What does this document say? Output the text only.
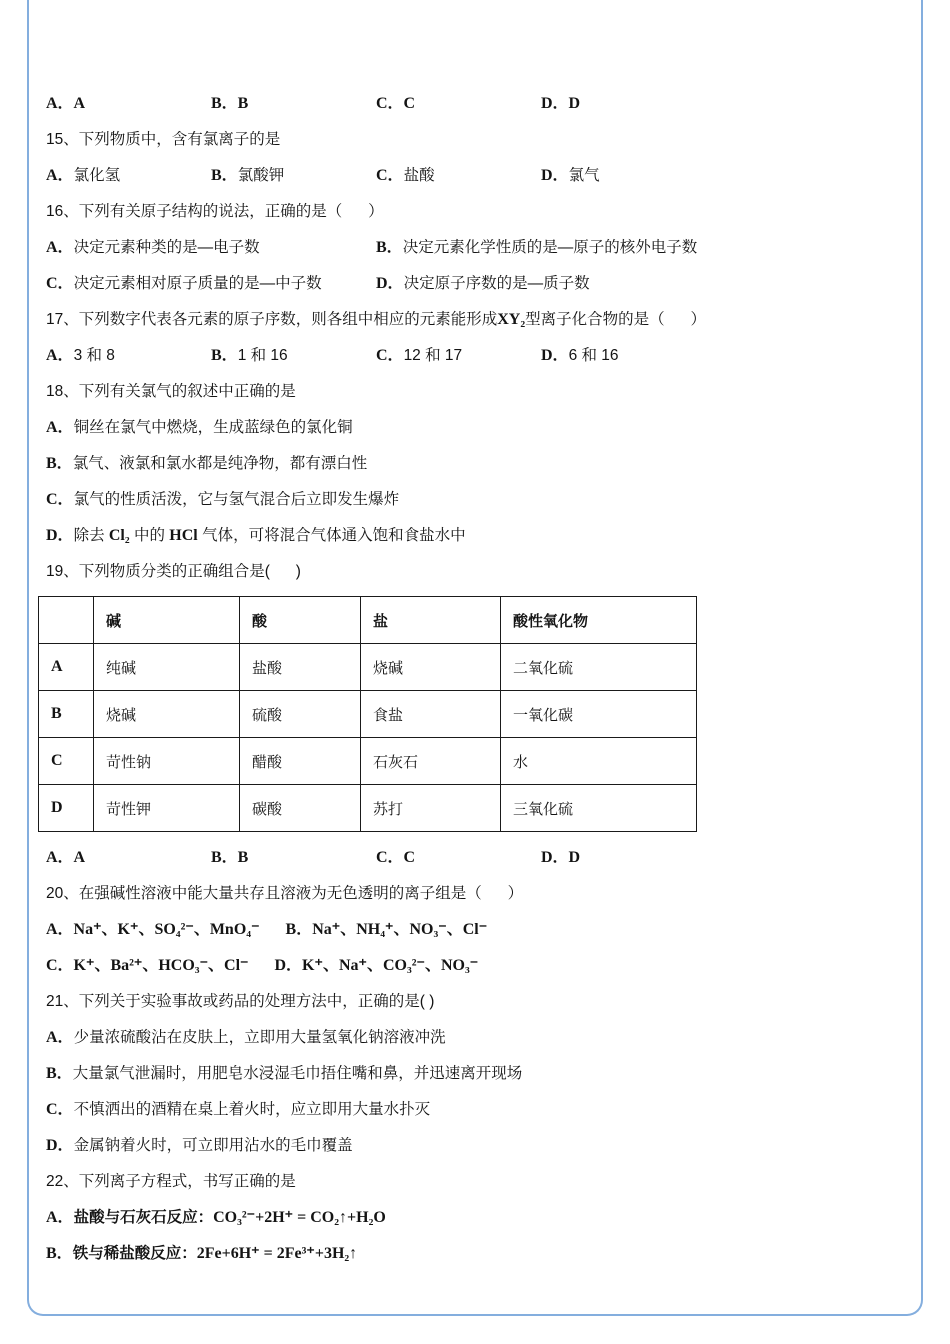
A．A	B．B	C．C	D．D
15、下列物质中，含有氯离子的是
A．氯化氢	B．氯酸钾	C．盐酸	D．氯气
16、下列有关原子结构的说法，正确的是（      ）
A．决定元素种类的是—电子数	B．决定元素化学性质的是—原子的核外电子数
C．决定元素相对原子质量的是—中子数	D．决定原子序数的是—质子数
17、下列数字代表各元素的原子序数，则各组中相应的元素能形成 XY₂ 型离子化合物的是（      ）
A．3 和 8	B．1 和 16	C．12 和 17	D．6 和 16
18、下列有关氯气的叙述中正确的是
A． 铜丝在氯气中燃烧，生成蓝绿色的氯化铜
B． 氯气、液氯和氯水都是纯净物，都有漂白性
C． 氯气的性质活泼，它与氢气混合后立即发生爆炸
D． 除去 Cl₂ 中的 HCl 气体，可将混合气体通入饱和食盐水中
19、下列物质分类的正确组合是(      )
	碱	酸	盐	酸性氧化物
A	纯碱	盐酸	烧碱	二氧化硫
B	烧碱	硫酸	食盐	一氧化碳
C	苛性钠	醋酸	石灰石	水
D	苛性钾	碳酸	苏打	三氧化硫
A．A	B．B	C．C	D．D
20、在强碱性溶液中能大量共存且溶液为无色透明的离子组是（      ）
A．Na⁺、K⁺、SO₄²⁻、MnO₄⁻ B．Na⁺、NH₄⁺、NO₃⁻、Cl⁻
C．K⁺、Ba²⁺、HCO₃⁻、Cl⁻ D．K⁺、Na⁺、CO₃²⁻、NO₃⁻
21、下列关于实验事故或药品的处理方法中，正确的是( )
A． 少量浓硫酸沾在皮肤上，立即用大量氢氧化钠溶液冲洗
B． 大量氯气泄漏时，用肥皂水浸湿毛巾捂住嘴和鼻，并迅速离开现场
C． 不慎洒出的酒精在桌上着火时，应立即用大量水扑灭
D． 金属钠着火时，可立即用沾水的毛巾覆盖
22、下列离子方程式，书写正确的是
A． 盐酸与石灰石反应： CO₃²⁻+2H⁺ = CO₂↑+H₂O
B． 铁与稀盐酸反应： 2Fe+6H⁺ = 2Fe³⁺+3H₂↑
